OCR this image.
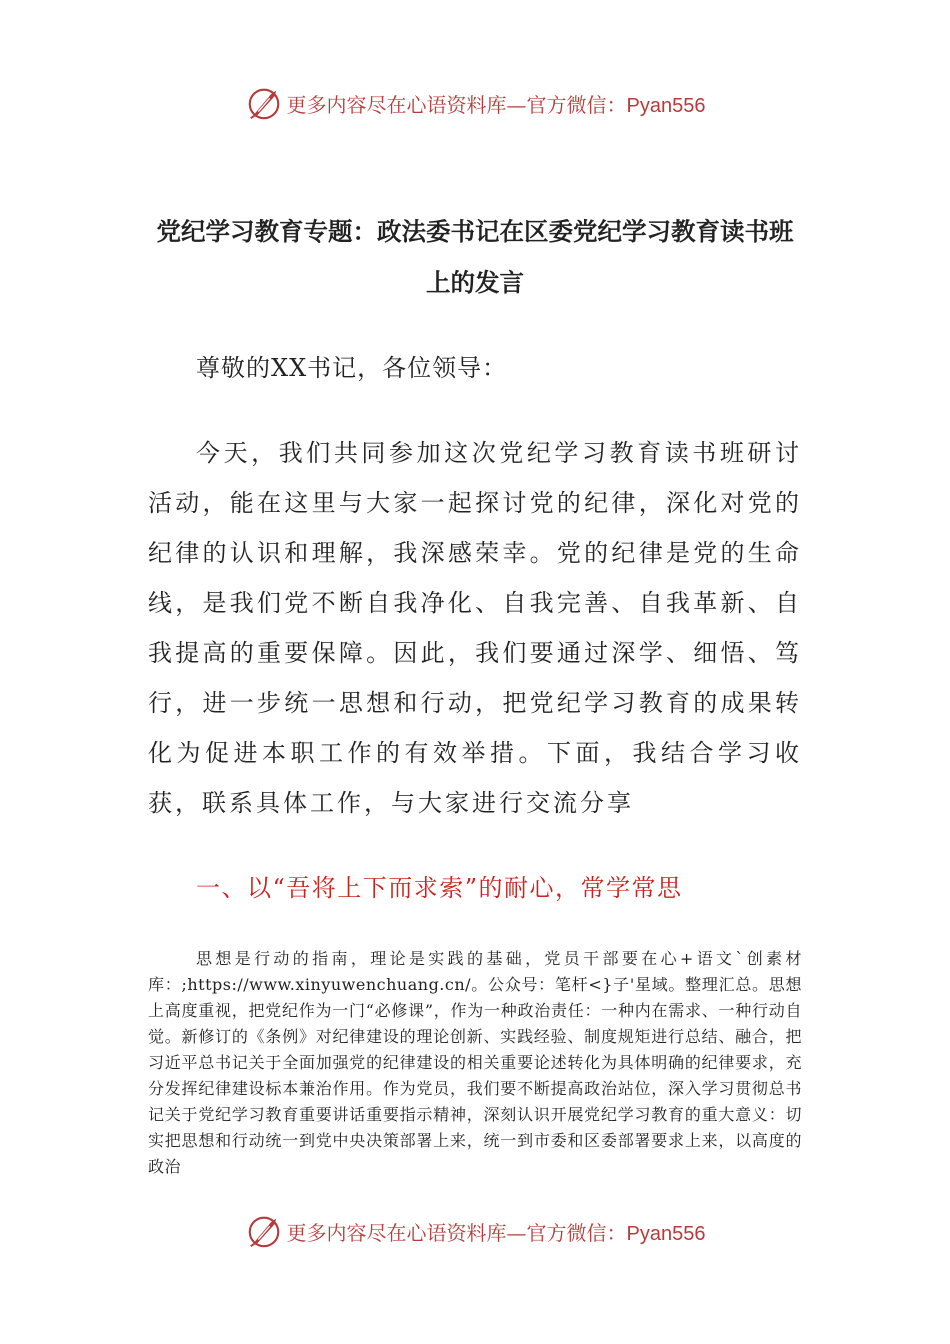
更多内容尽在心语资料库—官方微信：Pyan556
党纪学习教育专题：政法委书记在区委党纪学习教育读书班上的发言

尊敬的XX书记，各位领导：

今天，我们共同参加这次党纪学习教育读书班研讨活动，能在这里与大家一起探讨党的纪律，深化对党的纪律的认识和理解，我深感荣幸。党的纪律是党的生命线，是我们党不断自我净化、自我完善、自我革新、自我提高的重要保障。因此，我们要通过深学、细悟、笃行，进一步统一思想和行动，把党纪学习教育的成果转化为促进本职工作的有效举措。下面，我结合学习收获，联系具体工作，与大家进行交流分享

一、以“吾将上下而求索”的耐心，常学常思

思想是行动的指南，理论是实践的基础，党员干部要在心+语文`创素材库：;https://www.xinyuwenchuang.cn/。公众号：笔杆<}子'星域。整理汇总。思想上高度重视，把党纪作为一门“必修课”，作为一种政治责任：一种内在需求、一种行动自觉。新修订的《条例》对纪律建设的理论创新、实践经验、制度规矩进行总结、融合，把习近平总书记关于全面加强党的纪律建设的相关重要论述转化为具体明确的纪律要求，充分发挥纪律建设标本兼治作用。作为党员，我们要不断提高政治站位，深入学习贯彻总书记关于党纪学习教育重要讲话重要指示精神，深刻认识开展党纪学习教育的重大意义：切实把思想和行动统一到党中央决策部署上来，统一到市委和区委部署要求上来，以高度的政治

更多内容尽在心语资料库—官方微信：Pyan556
